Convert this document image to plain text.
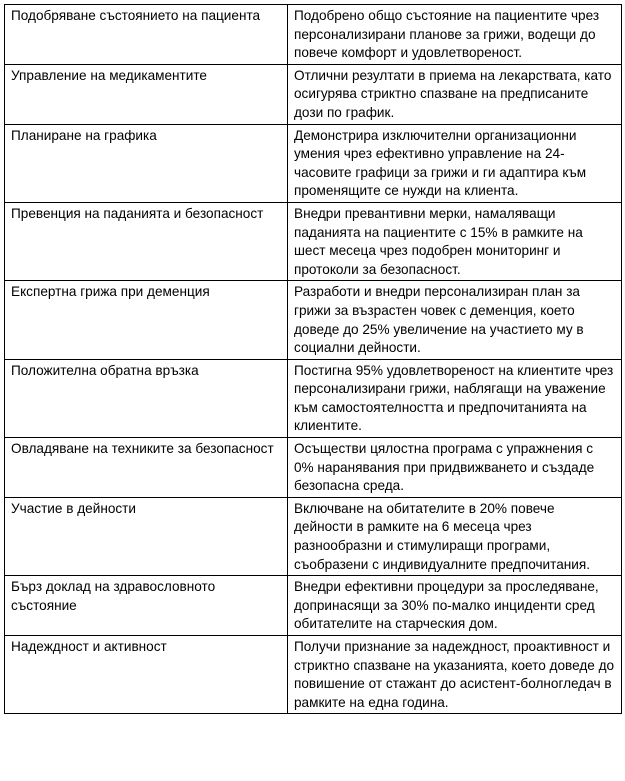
Подобряване състоянието на пациента	Подобрено общо състояние на пациентите чрез персонализирани планове за грижи, водещи до повече комфорт и удовлетвореност.
Управление на медикаментите	Отлични резултати в приема на лекарствата, като осигурява стриктно спазване на предписаните дози по график.
Планиране на графика	Демонстрира изключителни организационни умения чрез ефективно управление на 24-часовите графици за грижи и ги адаптира към променящите се нужди на клиента.
Превенция на паданията и безопасност	Внедри превантивни мерки, намаляващи паданията на пациентите с 15% в рамките на шест месеца чрез подобрен мониторинг и протоколи за безопасност.
Експертна грижа при деменция	Разработи и внедри персонализиран план за грижи за възрастен човек с деменция, което доведе до 25% увеличение на участието му в социални дейности.
Положителна обратна връзка	Постигна 95% удовлетвореност на клиентите чрез персонализирани грижи, наблягащи на уважение към самостоятелността и предпочитанията на клиентите.
Овладяване на техниките за безопасност	Осъществи цялостна програма с упражнения с 0% наранявания при придвижването и създаде безопасна среда.
Участие в дейности	Включване на обитателите в 20% повече дейности в рамките на 6 месеца чрез разнообразни и стимулиращи програми, съобразени с индивидуалните предпочитания.
Бърз доклад на здравословното състояние	Внедри ефективни процедури за проследяване, допринасящи за 30% по-малко инциденти сред обитателите на старческия дом.
Надеждност и активност	Получи признание за надеждност, проактивност и стриктно спазване на указанията, което доведе до повишение от стажант до асистент-болногледач в рамките на една година.
